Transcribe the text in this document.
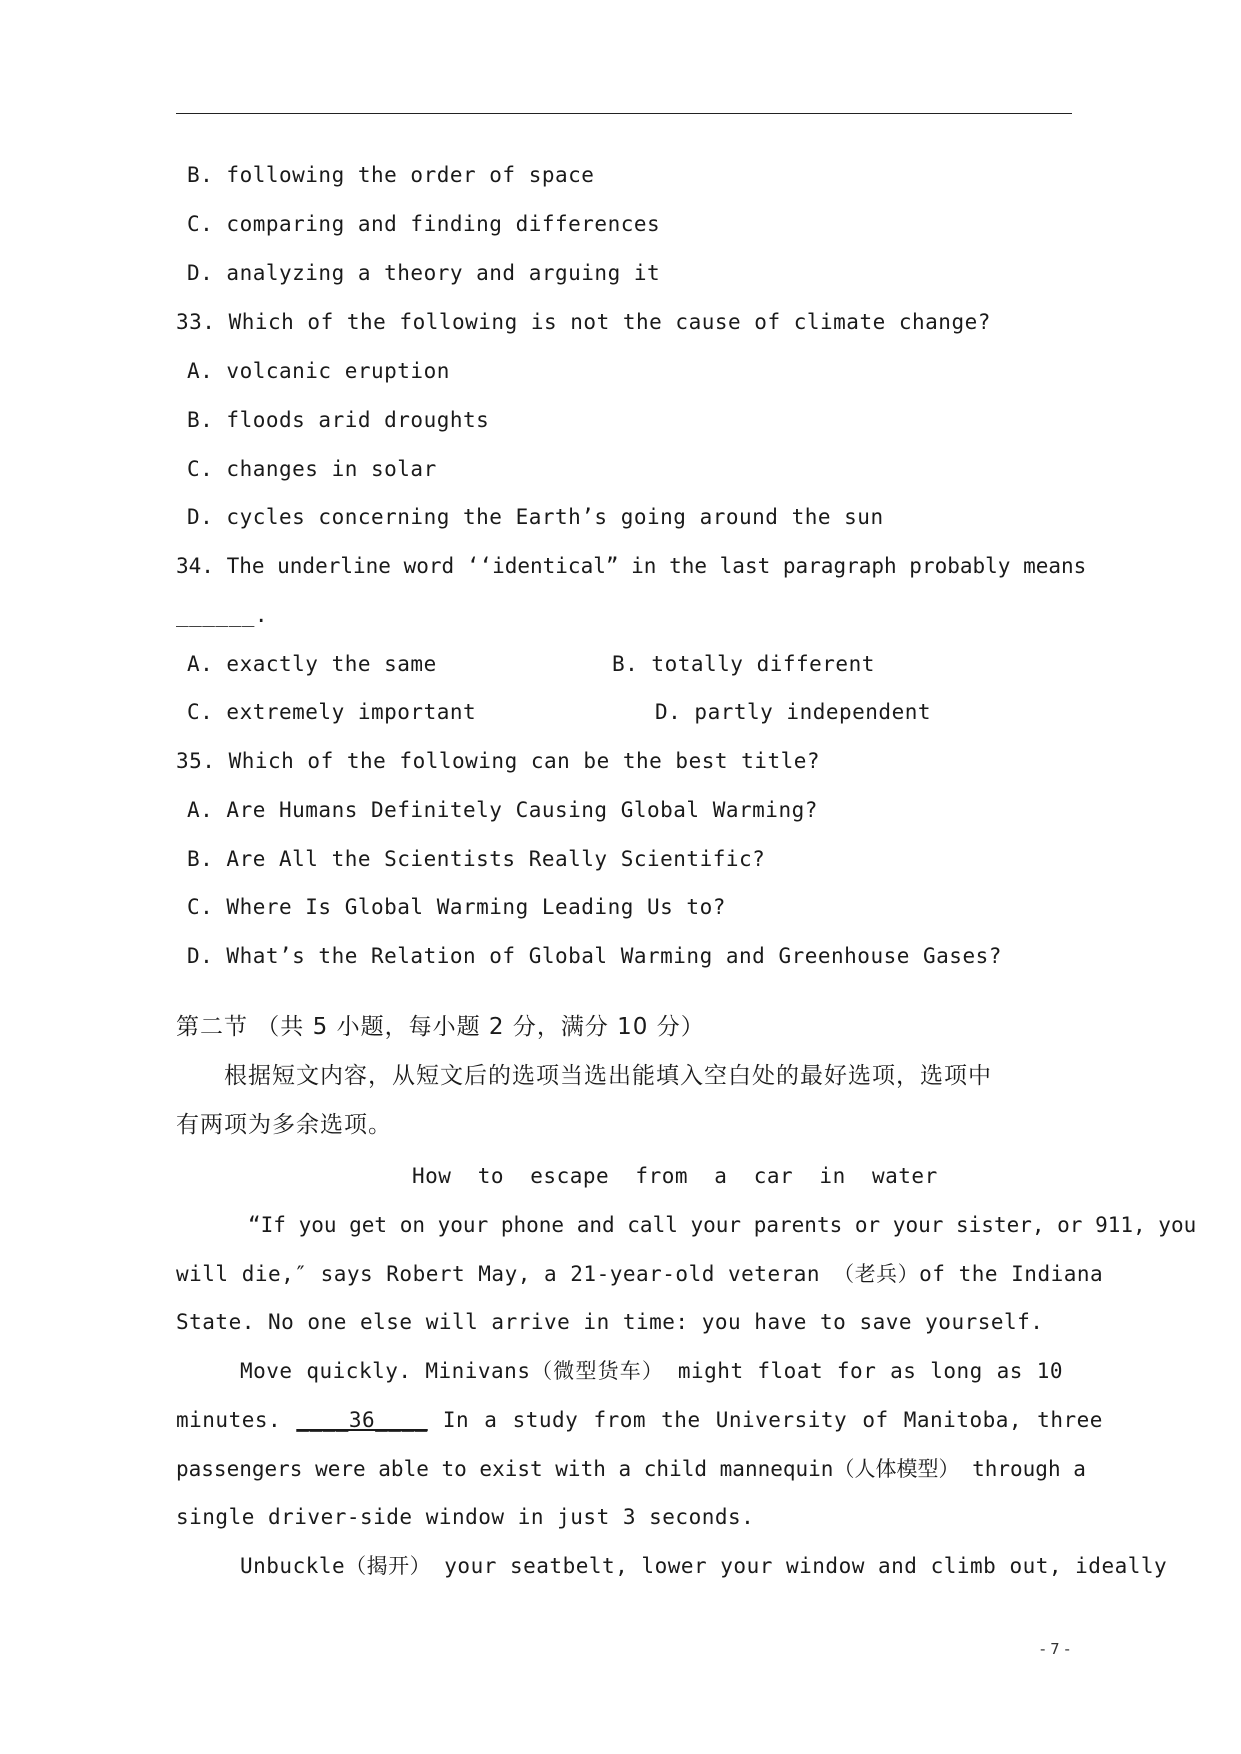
B. following the order of space
C. comparing and finding differences
D. analyzing a theory and arguing it
33. Which of the following is not the cause of climate change?
A. volcanic eruption
B. floods arid droughts
C. changes in solar
D. cycles concerning the Earth’s going around the sun
34. The underline word ‘‘identical” in the last paragraph probably means
______.
A. exactly the same	B. totally different
C. extremely important	D. partly independent
35. Which of the following can be the best title?
A. Are Humans Definitely Causing Global Warming?
B. Are All the Scientists Really Scientific?
C. Where Is Global Warming Leading Us to?
D. What’s the Relation of Global Warming and Greenhouse Gases?
第二节 （共 5 小题，每小题 2 分，满分 10 分）
根据短文内容，从短文后的选项当选出能填入空白处的最好选项，选项中
有两项为多余选项。
How  to  escape  from  a  car  in  water
“If you get on your phone and call your parents or your sister, or 911, you
will die,″ says Robert May, a 21-year-old veteran （老兵）of the Indiana
State. No one else will arrive in time: you have to save yourself.
Move quickly. Minivans（微型货车） might float for as long as 10
minutes. ____36____ In a study from the University of Manitoba, three
passengers were able to exist with a child mannequin（人体模型） through a
single driver-side window in just 3 seconds.
Unbuckle（揭开） your seatbelt, lower your window and climb out, ideally
- 7 -
